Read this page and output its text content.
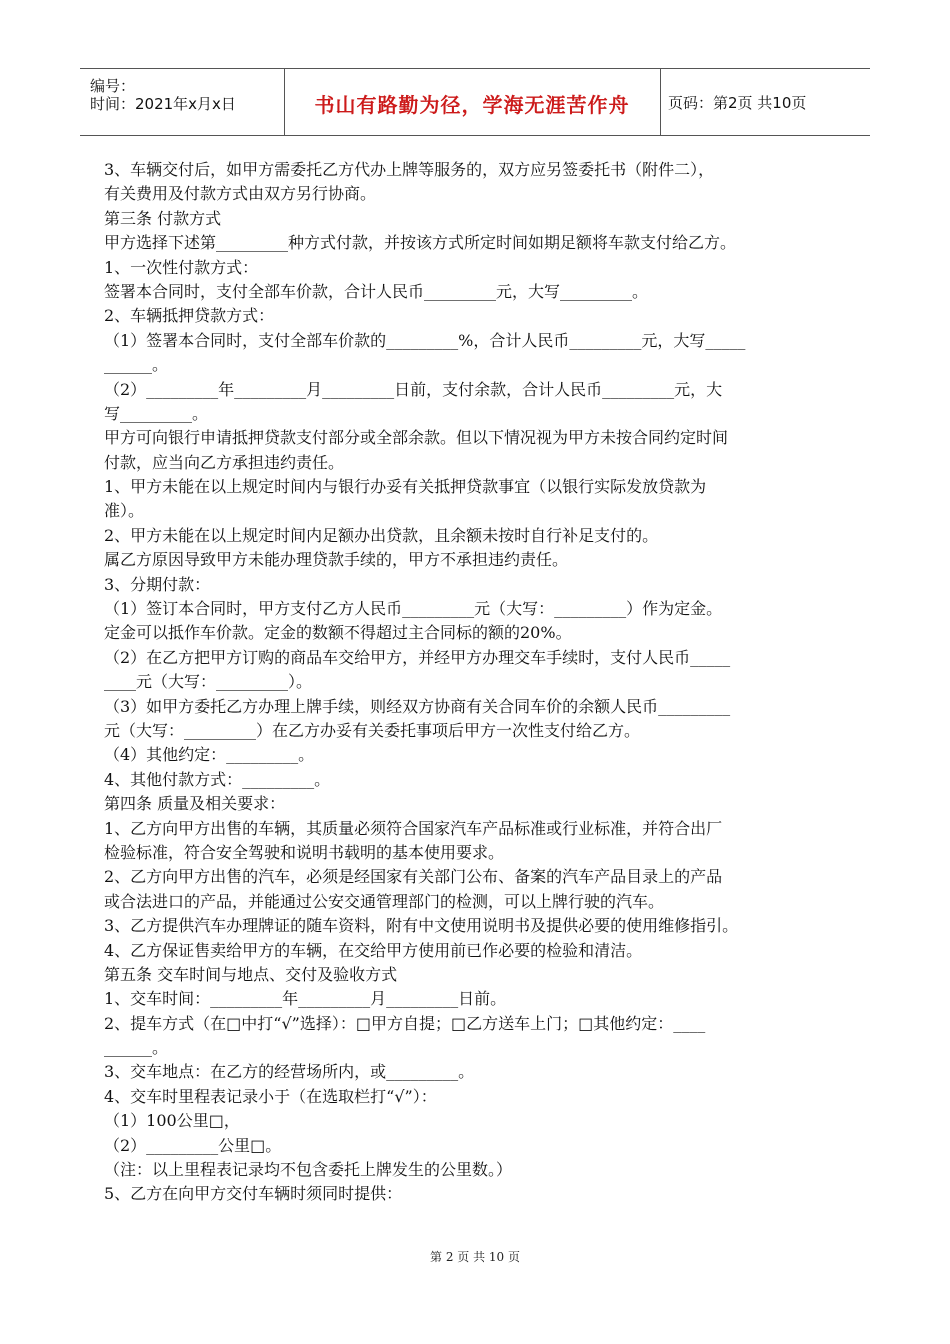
编号：
时间：2021年x月x日	书山有路勤为径，学海无涯苦作舟	页码：第2页 共10页
3、车辆交付后，如甲方需委托乙方代办上牌等服务的，双方应另签委托书（附件二），
有关费用及付款方式由双方另行协商。
第三条 付款方式
甲方选择下述第_________种方式付款，并按该方式所定时间如期足额将车款支付给乙方。
1、一次性付款方式：
签署本合同时，支付全部车价款，合计人民币_________元，大写_________。
2、车辆抵押贷款方式：
（1）签署本合同时，支付全部车价款的_________%，合计人民币_________元，大写_____
______。
（2）_________年_________月_________日前，支付余款，合计人民币_________元，大
写_________。
甲方可向银行申请抵押贷款支付部分或全部余款。但以下情况视为甲方未按合同约定时间
付款，应当向乙方承担违约责任。
1、甲方未能在以上规定时间内与银行办妥有关抵押贷款事宜（以银行实际发放贷款为
准）。
2、甲方未能在以上规定时间内足额办出贷款，且余额未按时自行补足支付的。
属乙方原因导致甲方未能办理贷款手续的，甲方不承担违约责任。
3、分期付款：
（1）签订本合同时，甲方支付乙方人民币_________元（大写：_________）作为定金。
定金可以抵作车价款。定金的数额不得超过主合同标的额的20%。
（2）在乙方把甲方订购的商品车交给甲方，并经甲方办理交车手续时，支付人民币_____
____元（大写：_________）。
（3）如甲方委托乙方办理上牌手续，则经双方协商有关合同车价的余额人民币_________
元（大写：_________）在乙方办妥有关委托事项后甲方一次性支付给乙方。
（4）其他约定：_________。
4、其他付款方式：_________。
第四条 质量及相关要求：
1、乙方向甲方出售的车辆，其质量必须符合国家汽车产品标准或行业标准，并符合出厂
检验标准，符合安全驾驶和说明书载明的基本使用要求。
2、乙方向甲方出售的汽车，必须是经国家有关部门公布、备案的汽车产品目录上的产品
或合法进口的产品，并能通过公安交通管理部门的检测，可以上牌行驶的汽车。
3、乙方提供汽车办理牌证的随车资料，附有中文使用说明书及提供必要的使用维修指引。
4、乙方保证售卖给甲方的车辆，在交给甲方使用前已作必要的检验和清洁。
第五条 交车时间与地点、交付及验收方式
1、交车时间：_________年_________月_________日前。
2、提车方式（在□中打“√”选择）：□甲方自提；□乙方送车上门；□其他约定：____
______。
3、交车地点：在乙方的经营场所内，或_________。
4、交车时里程表记录小于（在选取栏打“√”）：
（1）100公里□，
（2）_________公里□。
（注：以上里程表记录均不包含委托上牌发生的公里数。）
5、乙方在向甲方交付车辆时须同时提供：
第 2 页 共 10 页
